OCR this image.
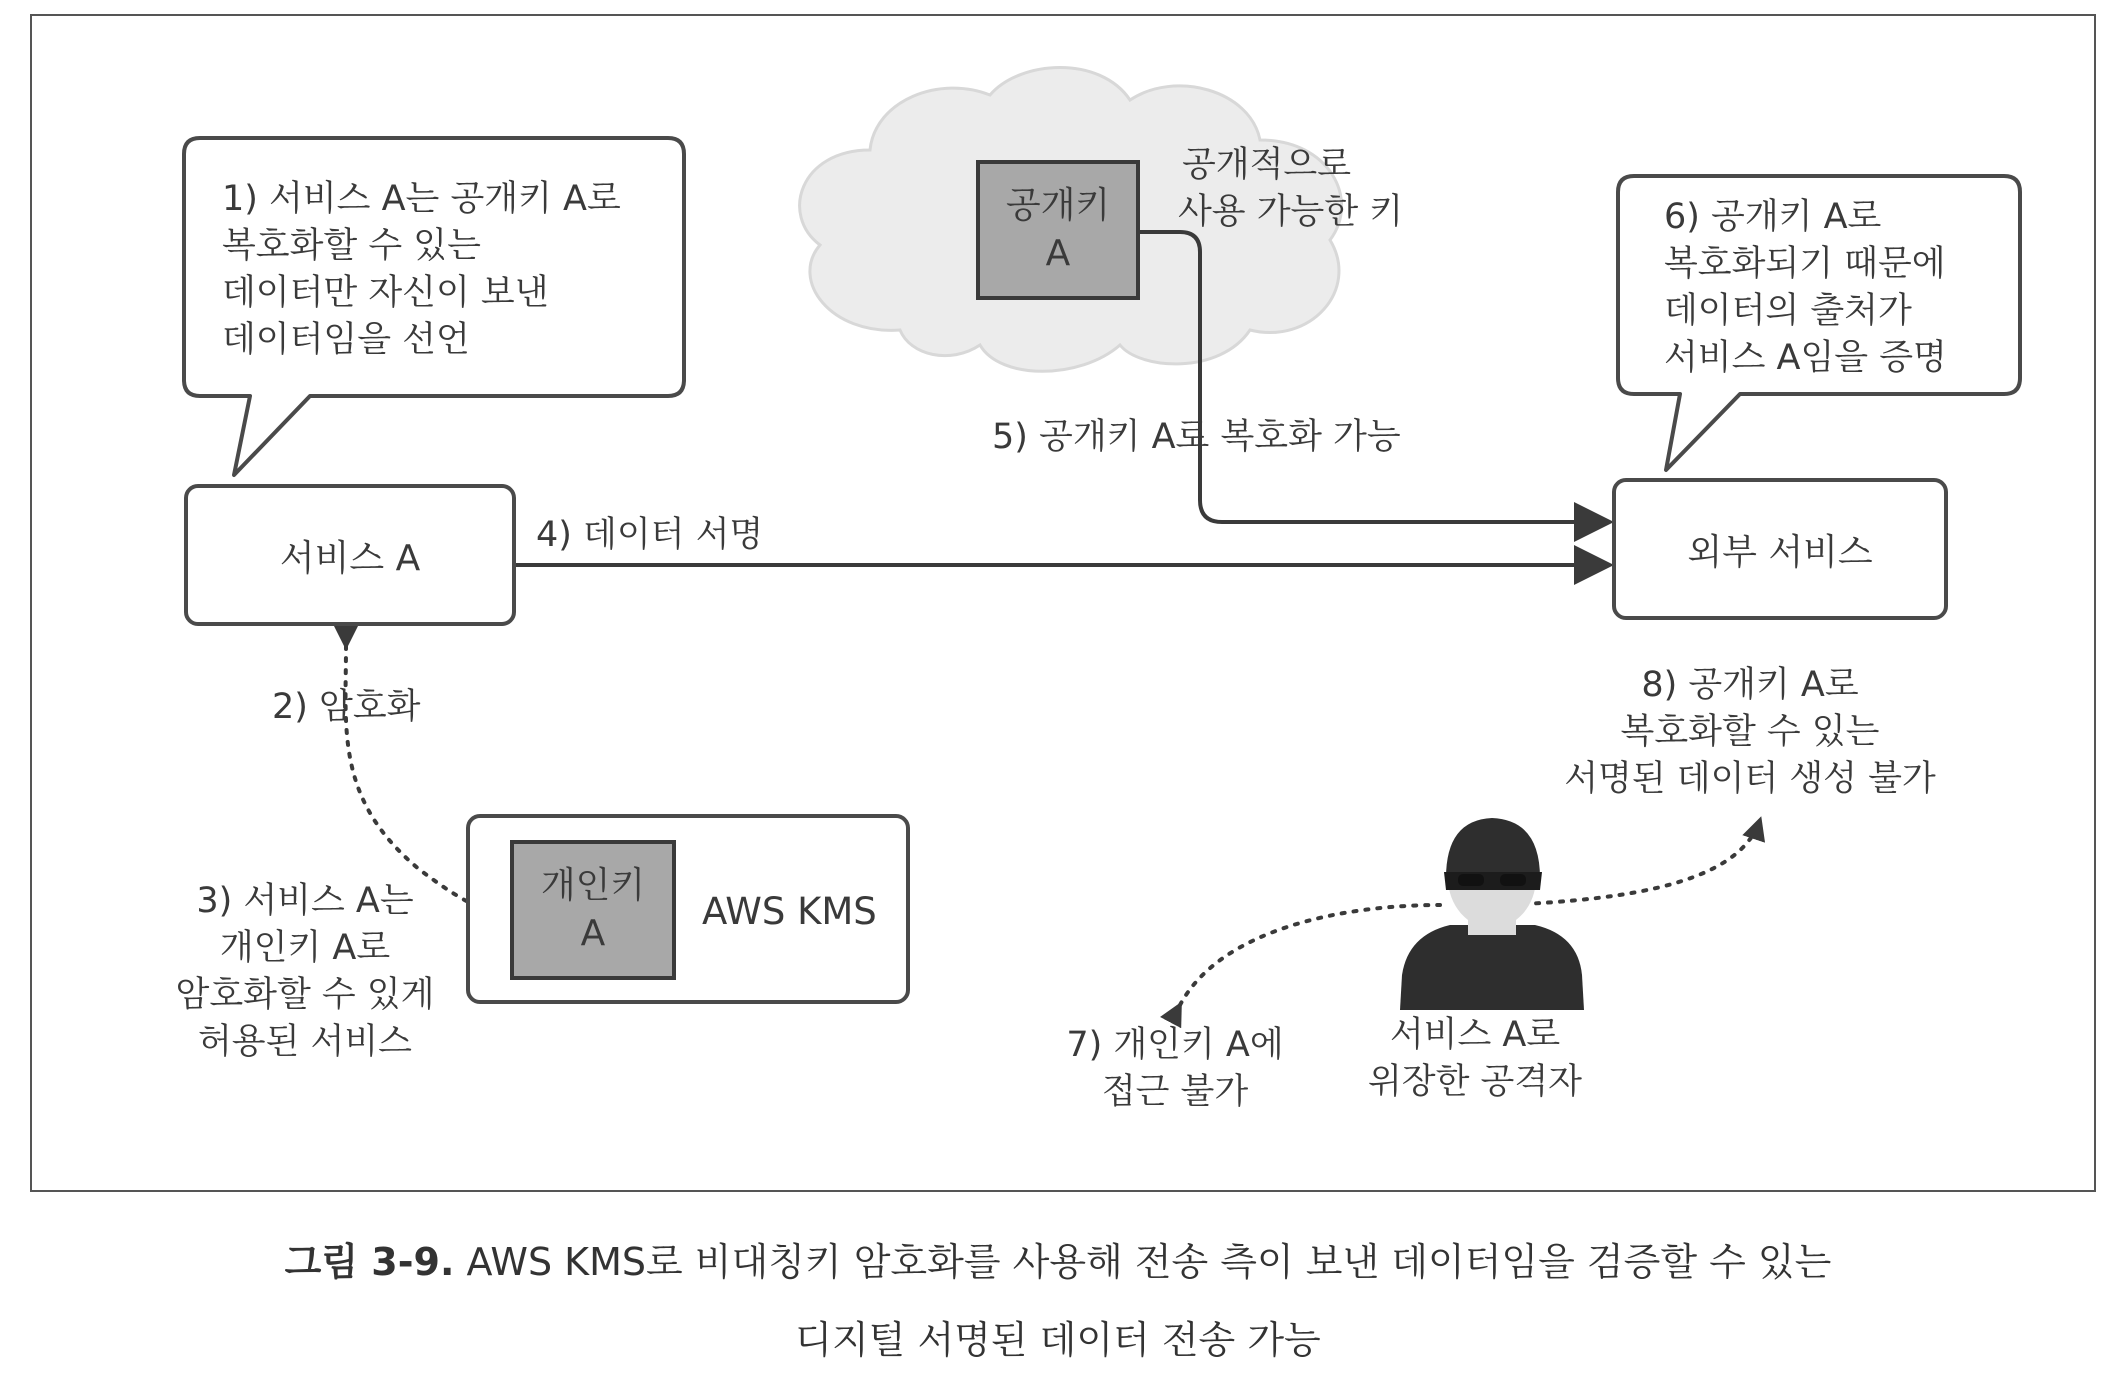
1) 서비스 A는 공개키 A로
복호화할 수 있는
데이터만 자신이 보낸
데이터임을 선언
6) 공개키 A로
복호화되기 때문에
데이터의 출처가
서비스 A임을 증명
공개키
A
공개적으로
사용 가능한 키
서비스 A	외부 서비스
개인키
A
AWS KMS
4) 데이터 서명
5) 공개키 A로 복호화 가능
2) 암호화
3) 서비스 A는
개인키 A로
암호화할 수 있게
허용된 서비스
8) 공개키 A로
복호화할 수 있는
서명된 데이터 생성 불가
7) 개인키 A에
접근 불가
서비스 A로
위장한 공격자
그림 3-9. AWS KMS로 비대칭키 암호화를 사용해 전송 측이 보낸 데이터임을 검증할 수 있는
디지털 서명된 데이터 전송 가능
